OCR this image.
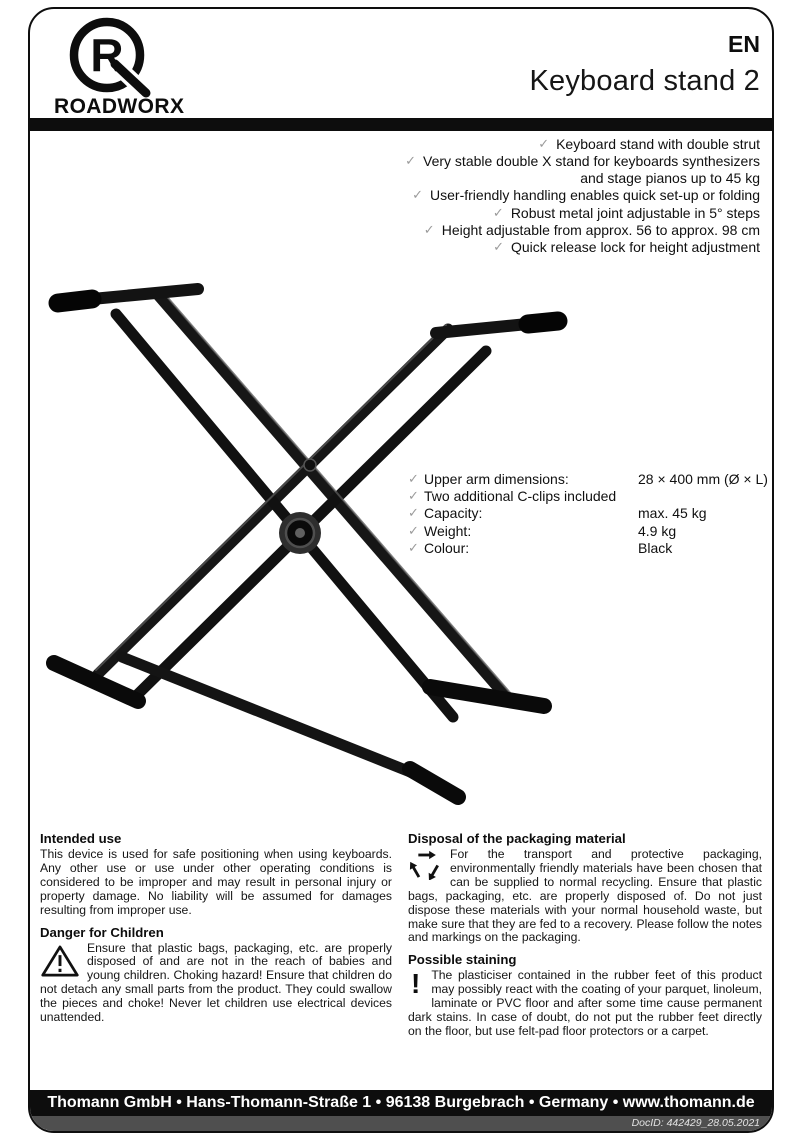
R
ROADWORX
EN
Keyboard stand 2
✓ Keyboard stand with double strut
✓ Very stable double X stand for keyboards synthesizers
and stage pianos up to 45 kg
✓ User-friendly handling enables quick set-up or folding
✓ Robust metal joint adjustable in 5° steps
✓ Height adjustable from approx. 56 to approx. 98 cm
✓ Quick release lock for height adjustment
✓ Upper arm dimensions:	28 × 400 mm (Ø × L)
✓ Two additional C-clips included
✓ Capacity:	max. 45 kg
✓ Weight:	4.9 kg
✓ Colour:	Black
Intended use

This device is used for safe positioning when using keyboards. Any other use or use under other operating conditions is considered to be improper and may result in personal injury or property damage. No liability will be assumed for damages resulting from improper use.

Danger for Children

Ensure that plastic bags, packaging, etc. are properly disposed of and are not in the reach of babies and young children. Choking hazard! Ensure that children do not detach any small parts from the product. They could swallow the pieces and choke! Never let children use electrical devices unattended.

Disposal of the packaging material

For the transport and protective packaging, environmentally friendly materials have been chosen that can be supplied to normal recycling. Ensure that plastic bags, packaging, etc. are properly disposed of. Do not just dispose these materials with your normal household waste, but make sure that they are fed to a recovery. Please follow the notes and markings on the packaging.

Possible staining

! The plasticiser contained in the rubber feet of this product may possibly react with the coating of your parquet, linoleum, laminate or PVC floor and after some time cause permanent dark stains. In case of doubt, do not put the rubber feet directly on the floor, but use felt-pad floor protectors or a carpet.

Thomann GmbH • Hans-Thomann-Straße 1 • 96138 Burgebrach • Germany • www.thomann.de
DocID: 442429_28.05.2021
